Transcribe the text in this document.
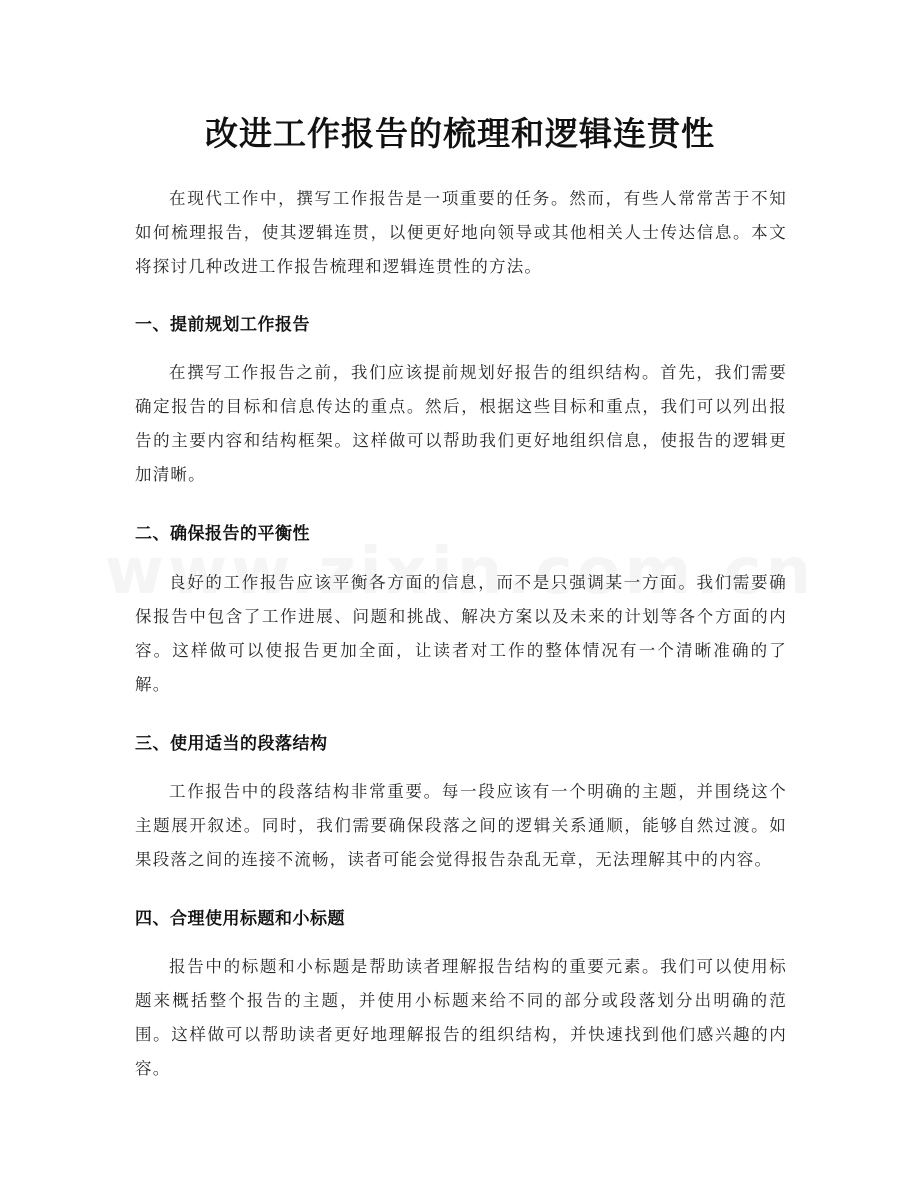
改进工作报告的梳理和逻辑连贯性

在现代工作中，撰写工作报告是一项重要的任务。然而，有些人常常苦于不知如何梳理报告，使其逻辑连贯，以便更好地向领导或其他相关人士传达信息。本文将探讨几种改进工作报告梳理和逻辑连贯性的方法。

一、提前规划工作报告

在撰写工作报告之前，我们应该提前规划好报告的组织结构。首先，我们需要确定报告的目标和信息传达的重点。然后，根据这些目标和重点，我们可以列出报告的主要内容和结构框架。这样做可以帮助我们更好地组织信息，使报告的逻辑更加清晰。

二、确保报告的平衡性

良好的工作报告应该平衡各方面的信息，而不是只强调某一方面。我们需要确保报告中包含了工作进展、问题和挑战、解决方案以及未来的计划等各个方面的内容。这样做可以使报告更加全面，让读者对工作的整体情况有一个清晰准确的了解。

三、使用适当的段落结构

工作报告中的段落结构非常重要。每一段应该有一个明确的主题，并围绕这个主题展开叙述。同时，我们需要确保段落之间的逻辑关系通顺，能够自然过渡。如果段落之间的连接不流畅，读者可能会觉得报告杂乱无章，无法理解其中的内容。

四、合理使用标题和小标题

报告中的标题和小标题是帮助读者理解报告结构的重要元素。我们可以使用标题来概括整个报告的主题，并使用小标题来给不同的部分或段落划分出明确的范围。这样做可以帮助读者更好地理解报告的组织结构，并快速找到他们感兴趣的内容。
